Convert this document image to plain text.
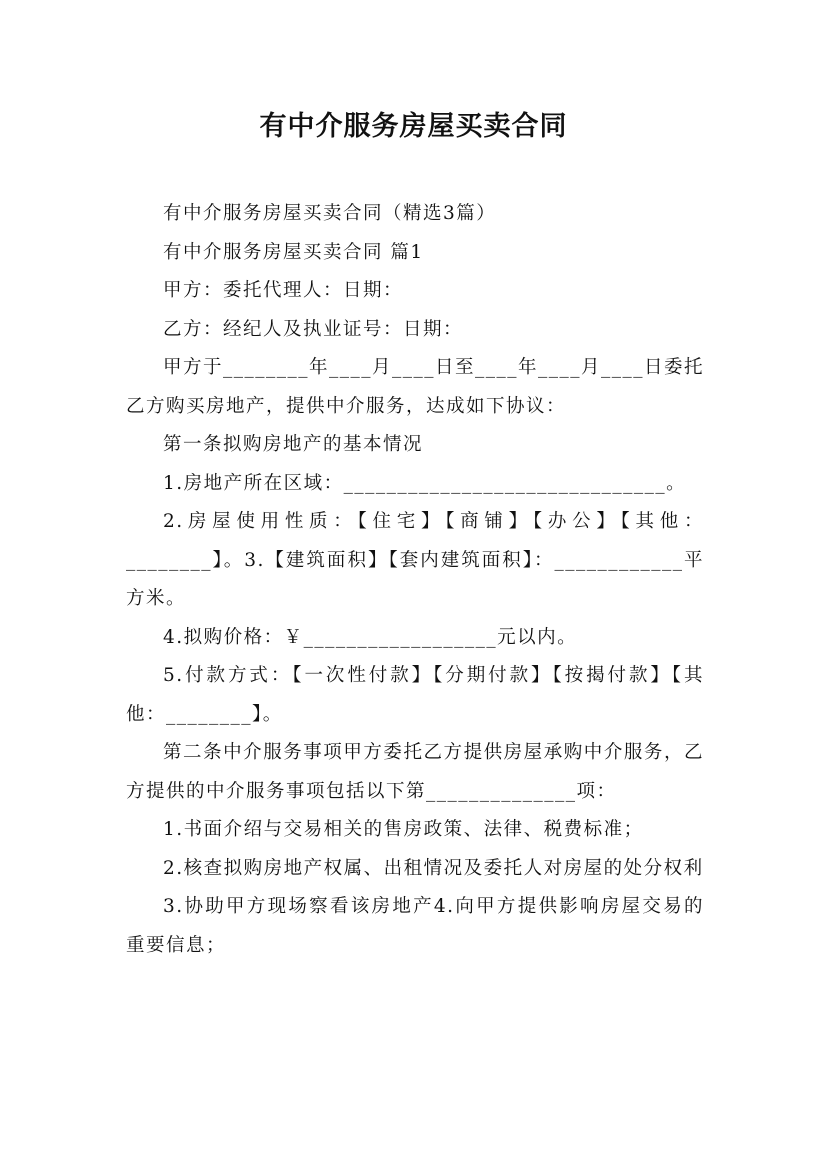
有中介服务房屋买卖合同

有中介服务房屋买卖合同（精选3篇）

有中介服务房屋买卖合同 篇1

甲方：委托代理人：日期：

乙方：经纪人及执业证号：日期：

甲方于________年____月____日至____年____月____日委托乙方购买房地产，提供中介服务，达成如下协议：

第一条拟购房地产的基本情况

1.房地产所在区域：______________________________。

2.房屋使用性质：【住宅】【商铺】【办公】【其他：________】。3.【建筑面积】【套内建筑面积】：____________平方米。

4.拟购价格：￥__________________元以内。

5.付款方式：【一次性付款】【分期付款】【按揭付款】【其他：________】。

第二条中介服务事项甲方委托乙方提供房屋承购中介服务，乙方提供的中介服务事项包括以下第______________项：

1.书面介绍与交易相关的售房政策、法律、税费标准；

2.核查拟购房地产权属、出租情况及委托人对房屋的处分权利

3.协助甲方现场察看该房地产4.向甲方提供影响房屋交易的重要信息；
